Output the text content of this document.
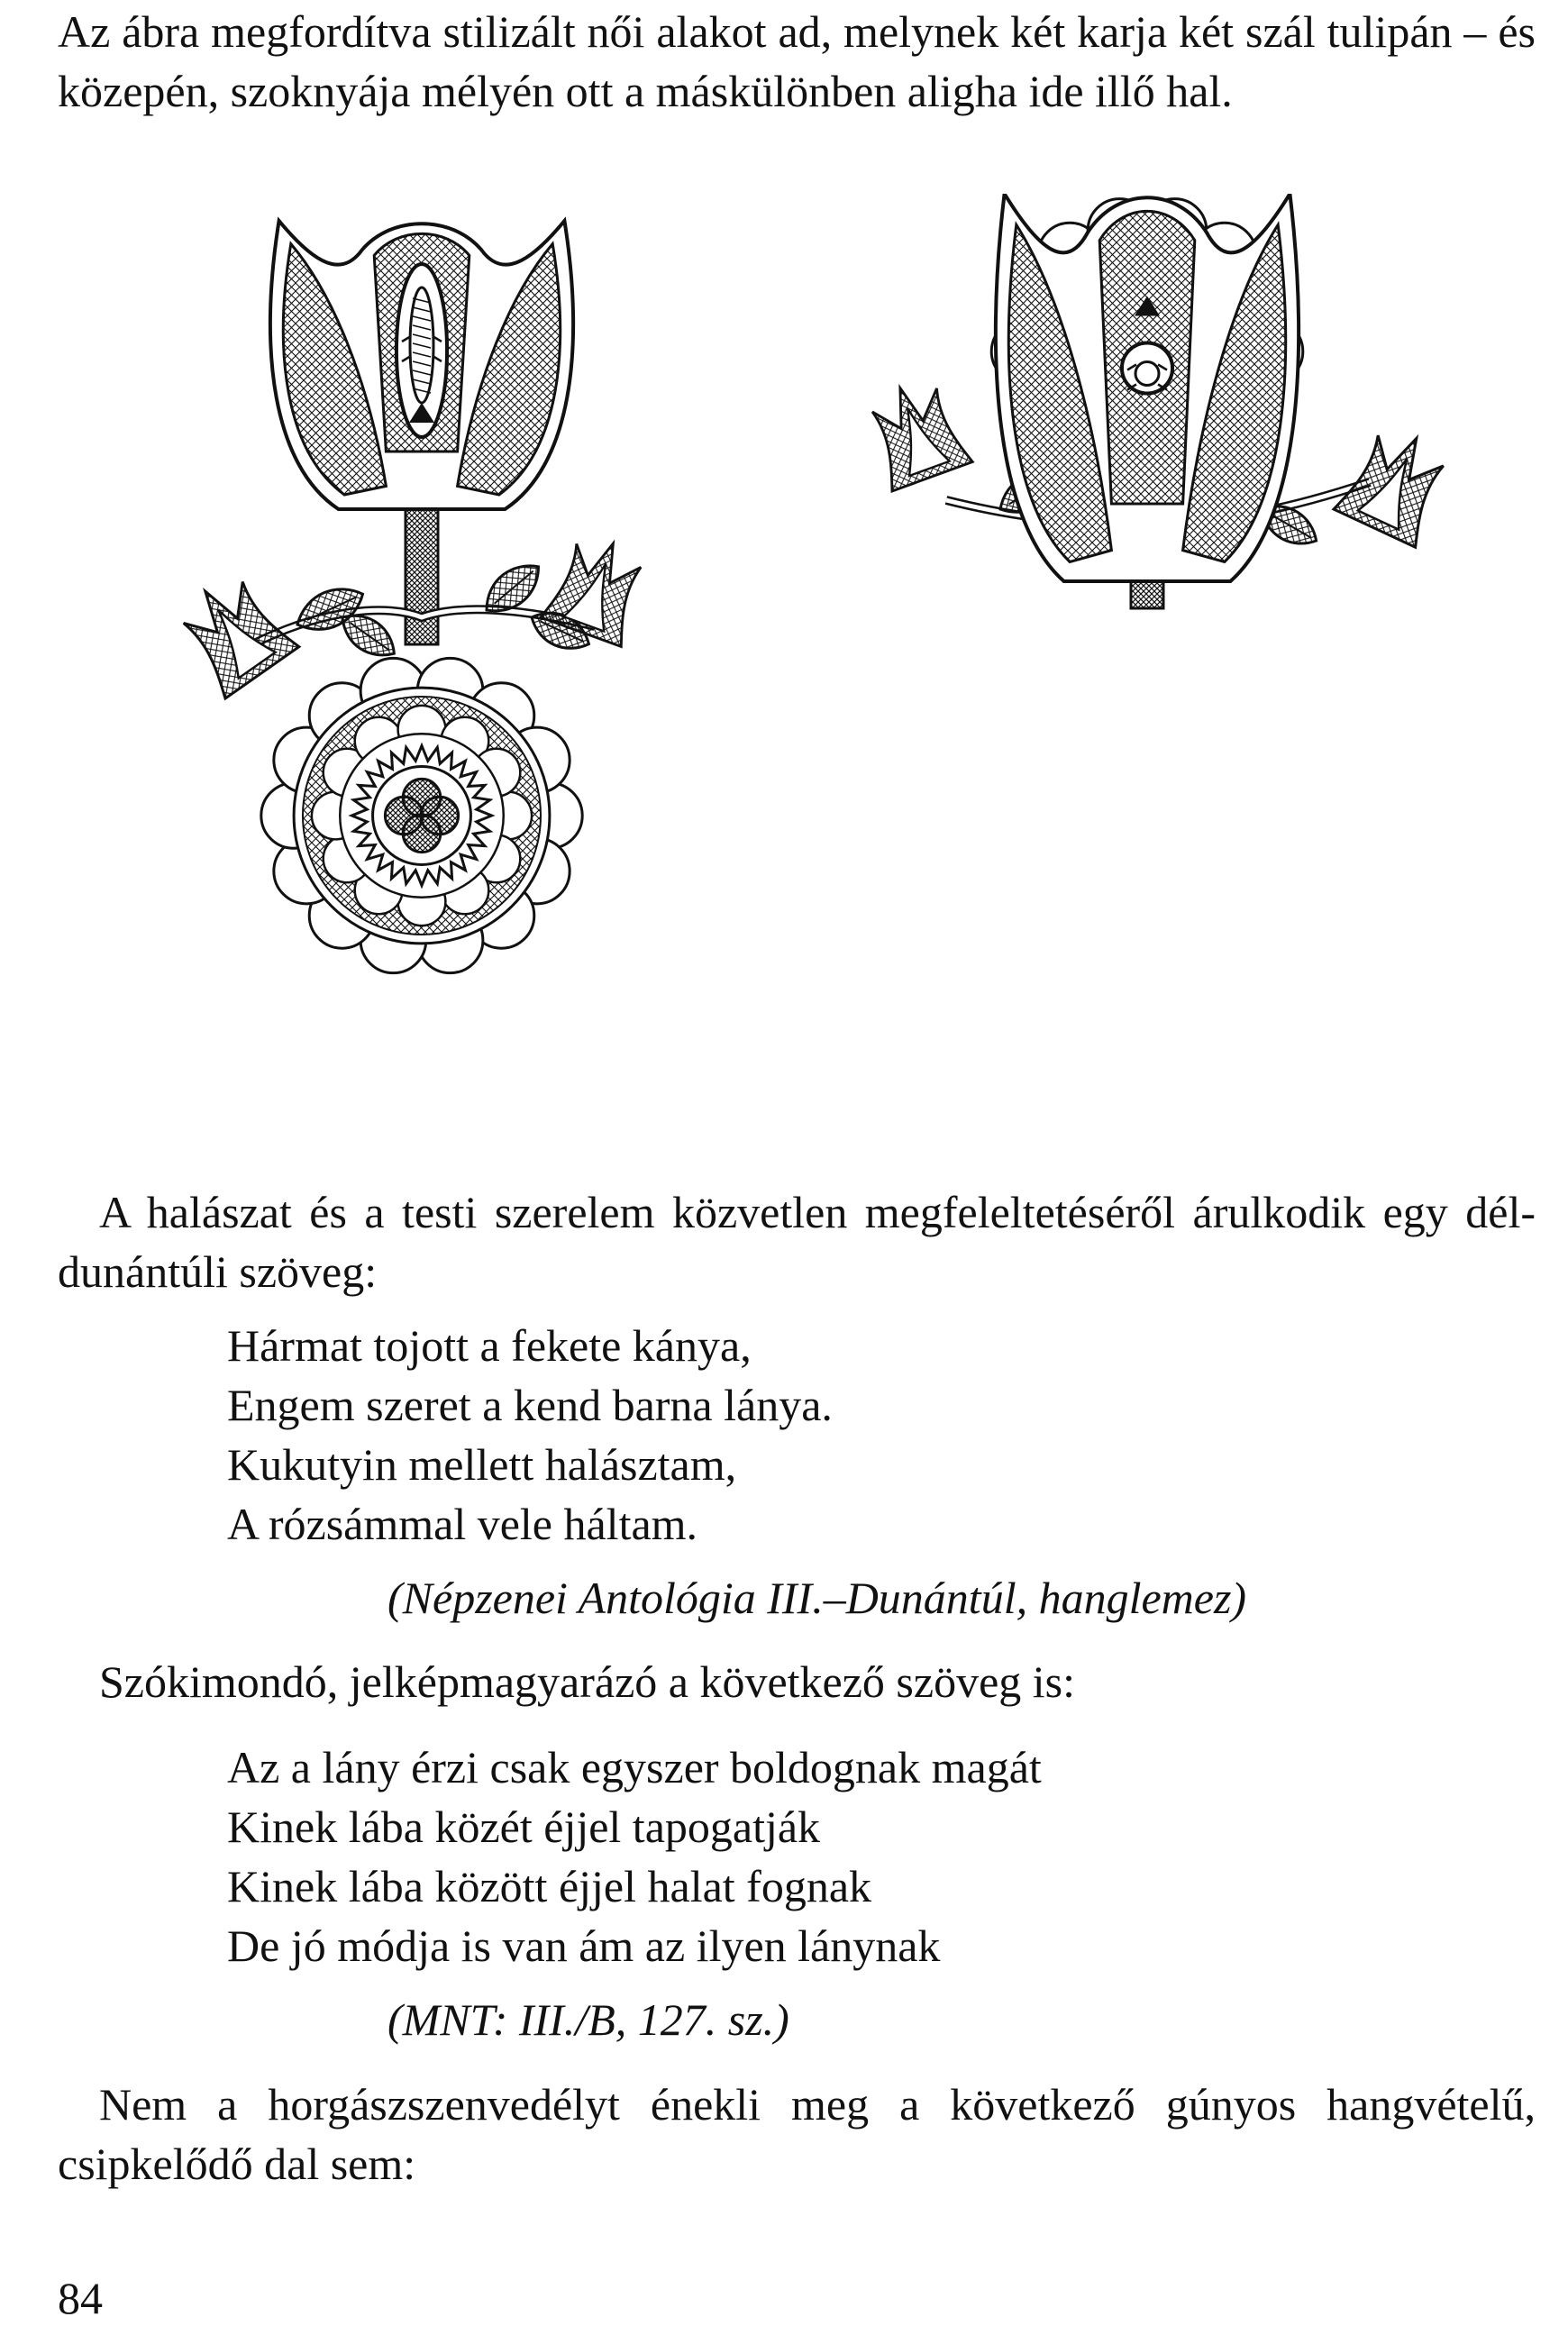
Az ábra megfordítva stilizált női alakot ad, melynek két karja két szál tulipán – és közepén, szoknyája mélyén ott a máskülönben aligha ide illő hal.

A halászat és a testi szerelem közvetlen megfeleltetéséről árulkodik egy dél-dunántúli szöveg:

Hármat tojott a fekete kánya,
Engem szeret a kend barna lánya.
Kukutyin mellett halásztam,
A rózsámmal vele háltam.

(Népzenei Antológia III.–Dunántúl, hanglemez)

Szókimondó, jelképmagyarázó a következő szöveg is:

Az a lány érzi csak egyszer boldognak magát
Kinek lába közét éjjel tapogatják
Kinek lába között éjjel halat fognak
De jó módja is van ám az ilyen lánynak

(MNT: III./B, 127. sz.)

Nem a horgászszenvedélyt énekli meg a következő gúnyos hangvételű, csipkelődő dal sem:

84
